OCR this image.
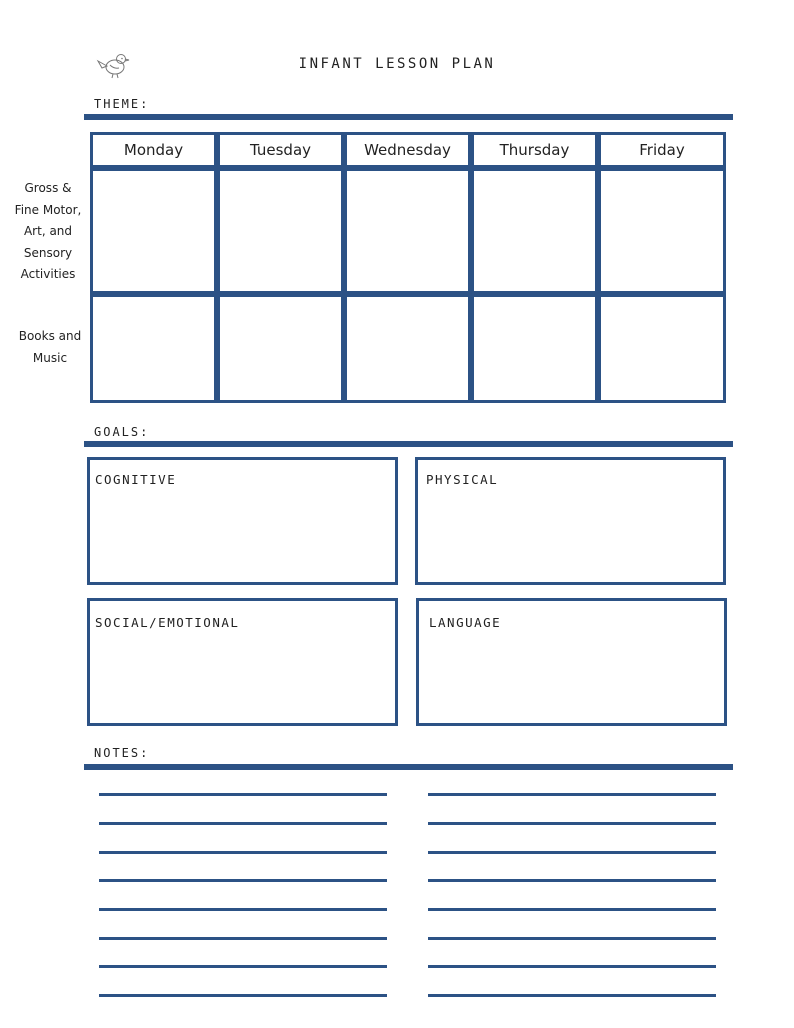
INFANT LESSON PLAN
THEME:
Monday	Tuesday	Wednesday	Thursday	Friday
Gross &
Fine Motor,
Art, and
Sensory
Activities
Books and
Music
GOALS:
COGNITIVE	PHYSICAL
SOCIAL/EMOTIONAL	LANGUAGE
NOTES:
